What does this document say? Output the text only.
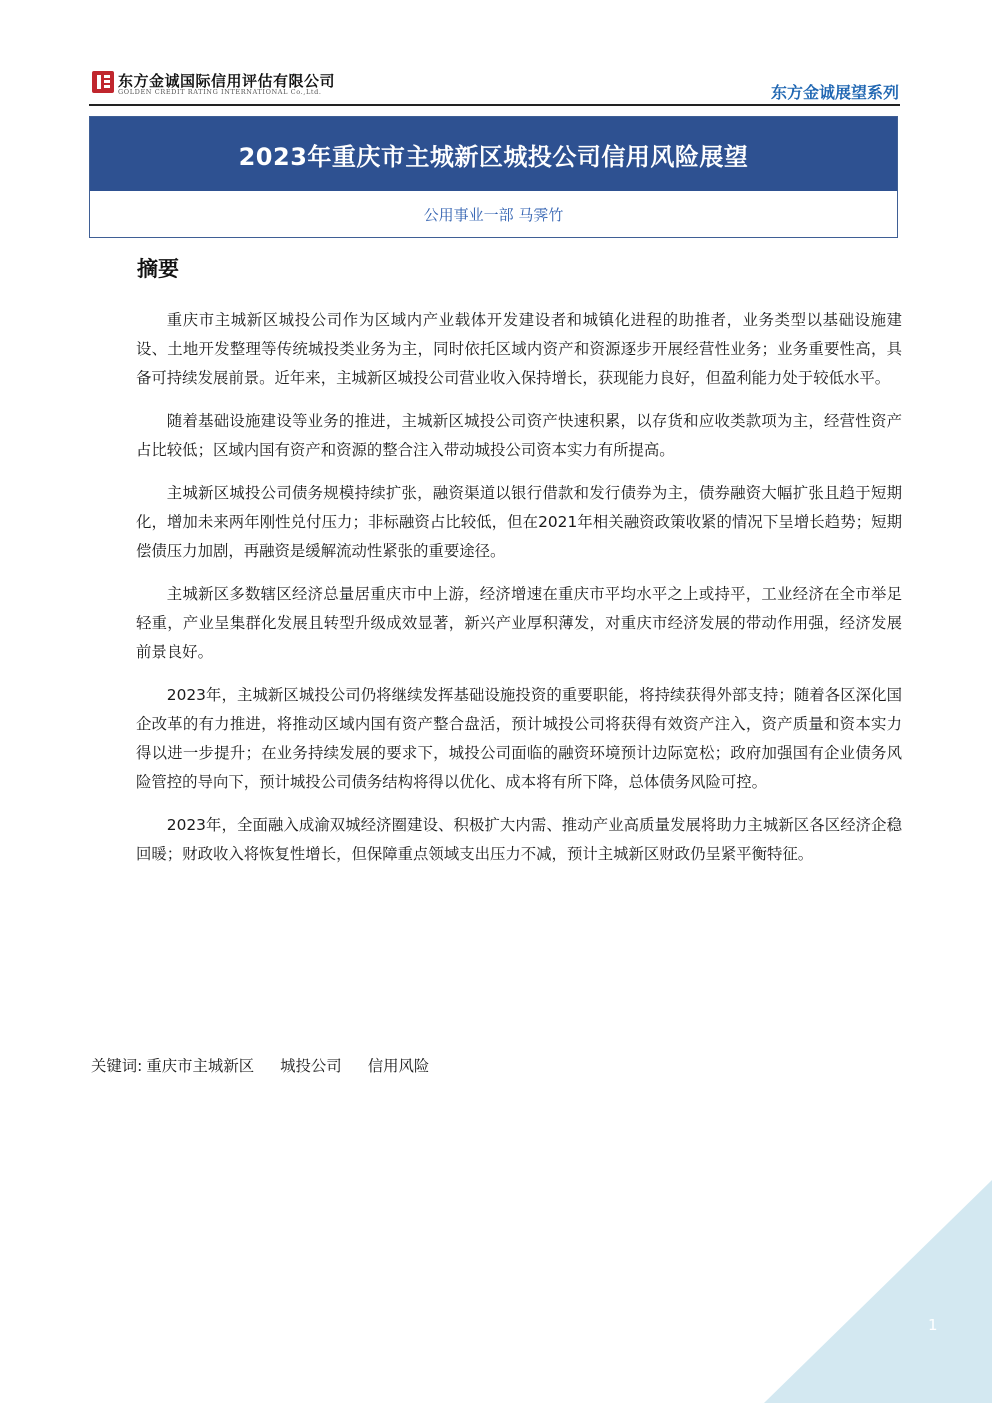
东方金诚国际信用评估有限公司
GOLDEN CREDIT RATING INTERNATIONAL Co.,Ltd.	东方金诚展望系列
2023年重庆市主城新区城投公司信用风险展望
公用事业一部 马霁竹
摘要

重庆市主城新区城投公司作为区域内产业载体开发建设者和城镇化进程的助推者，业务类型以基础设施建设、土地开发整理等传统城投类业务为主，同时依托区域内资产和资源逐步开展经营性业务；业务重要性高，具备可持续发展前景。近年来，主城新区城投公司营业收入保持增长，获现能力良好，但盈利能力处于较低水平。

随着基础设施建设等业务的推进，主城新区城投公司资产快速积累，以存货和应收类款项为主，经营性资产占比较低；区域内国有资产和资源的整合注入带动城投公司资本实力有所提高。

主城新区城投公司债务规模持续扩张，融资渠道以银行借款和发行债券为主，债券融资大幅扩张且趋于短期化，增加未来两年刚性兑付压力；非标融资占比较低，但在2021年相关融资政策收紧的情况下呈增长趋势；短期偿债压力加剧，再融资是缓解流动性紧张的重要途径。

主城新区多数辖区经济总量居重庆市中上游，经济增速在重庆市平均水平之上或持平，工业经济在全市举足轻重，产业呈集群化发展且转型升级成效显著，新兴产业厚积薄发，对重庆市经济发展的带动作用强，经济发展前景良好。

2023年，主城新区城投公司仍将继续发挥基础设施投资的重要职能，将持续获得外部支持；随着各区深化国企改革的有力推进，将推动区域内国有资产整合盘活，预计城投公司将获得有效资产注入，资产质量和资本实力得以进一步提升；在业务持续发展的要求下，城投公司面临的融资环境预计边际宽松；政府加强国有企业债务风险管控的导向下，预计城投公司债务结构将得以优化、成本将有所下降，总体债务风险可控。

2023年，全面融入成渝双城经济圈建设、积极扩大内需、推动产业高质量发展将助力主城新区各区经济企稳回暖；财政收入将恢复性增长，但保障重点领域支出压力不减，预计主城新区财政仍呈紧平衡特征。

关键词: 重庆市主城新区 城投公司 信用风险
1
